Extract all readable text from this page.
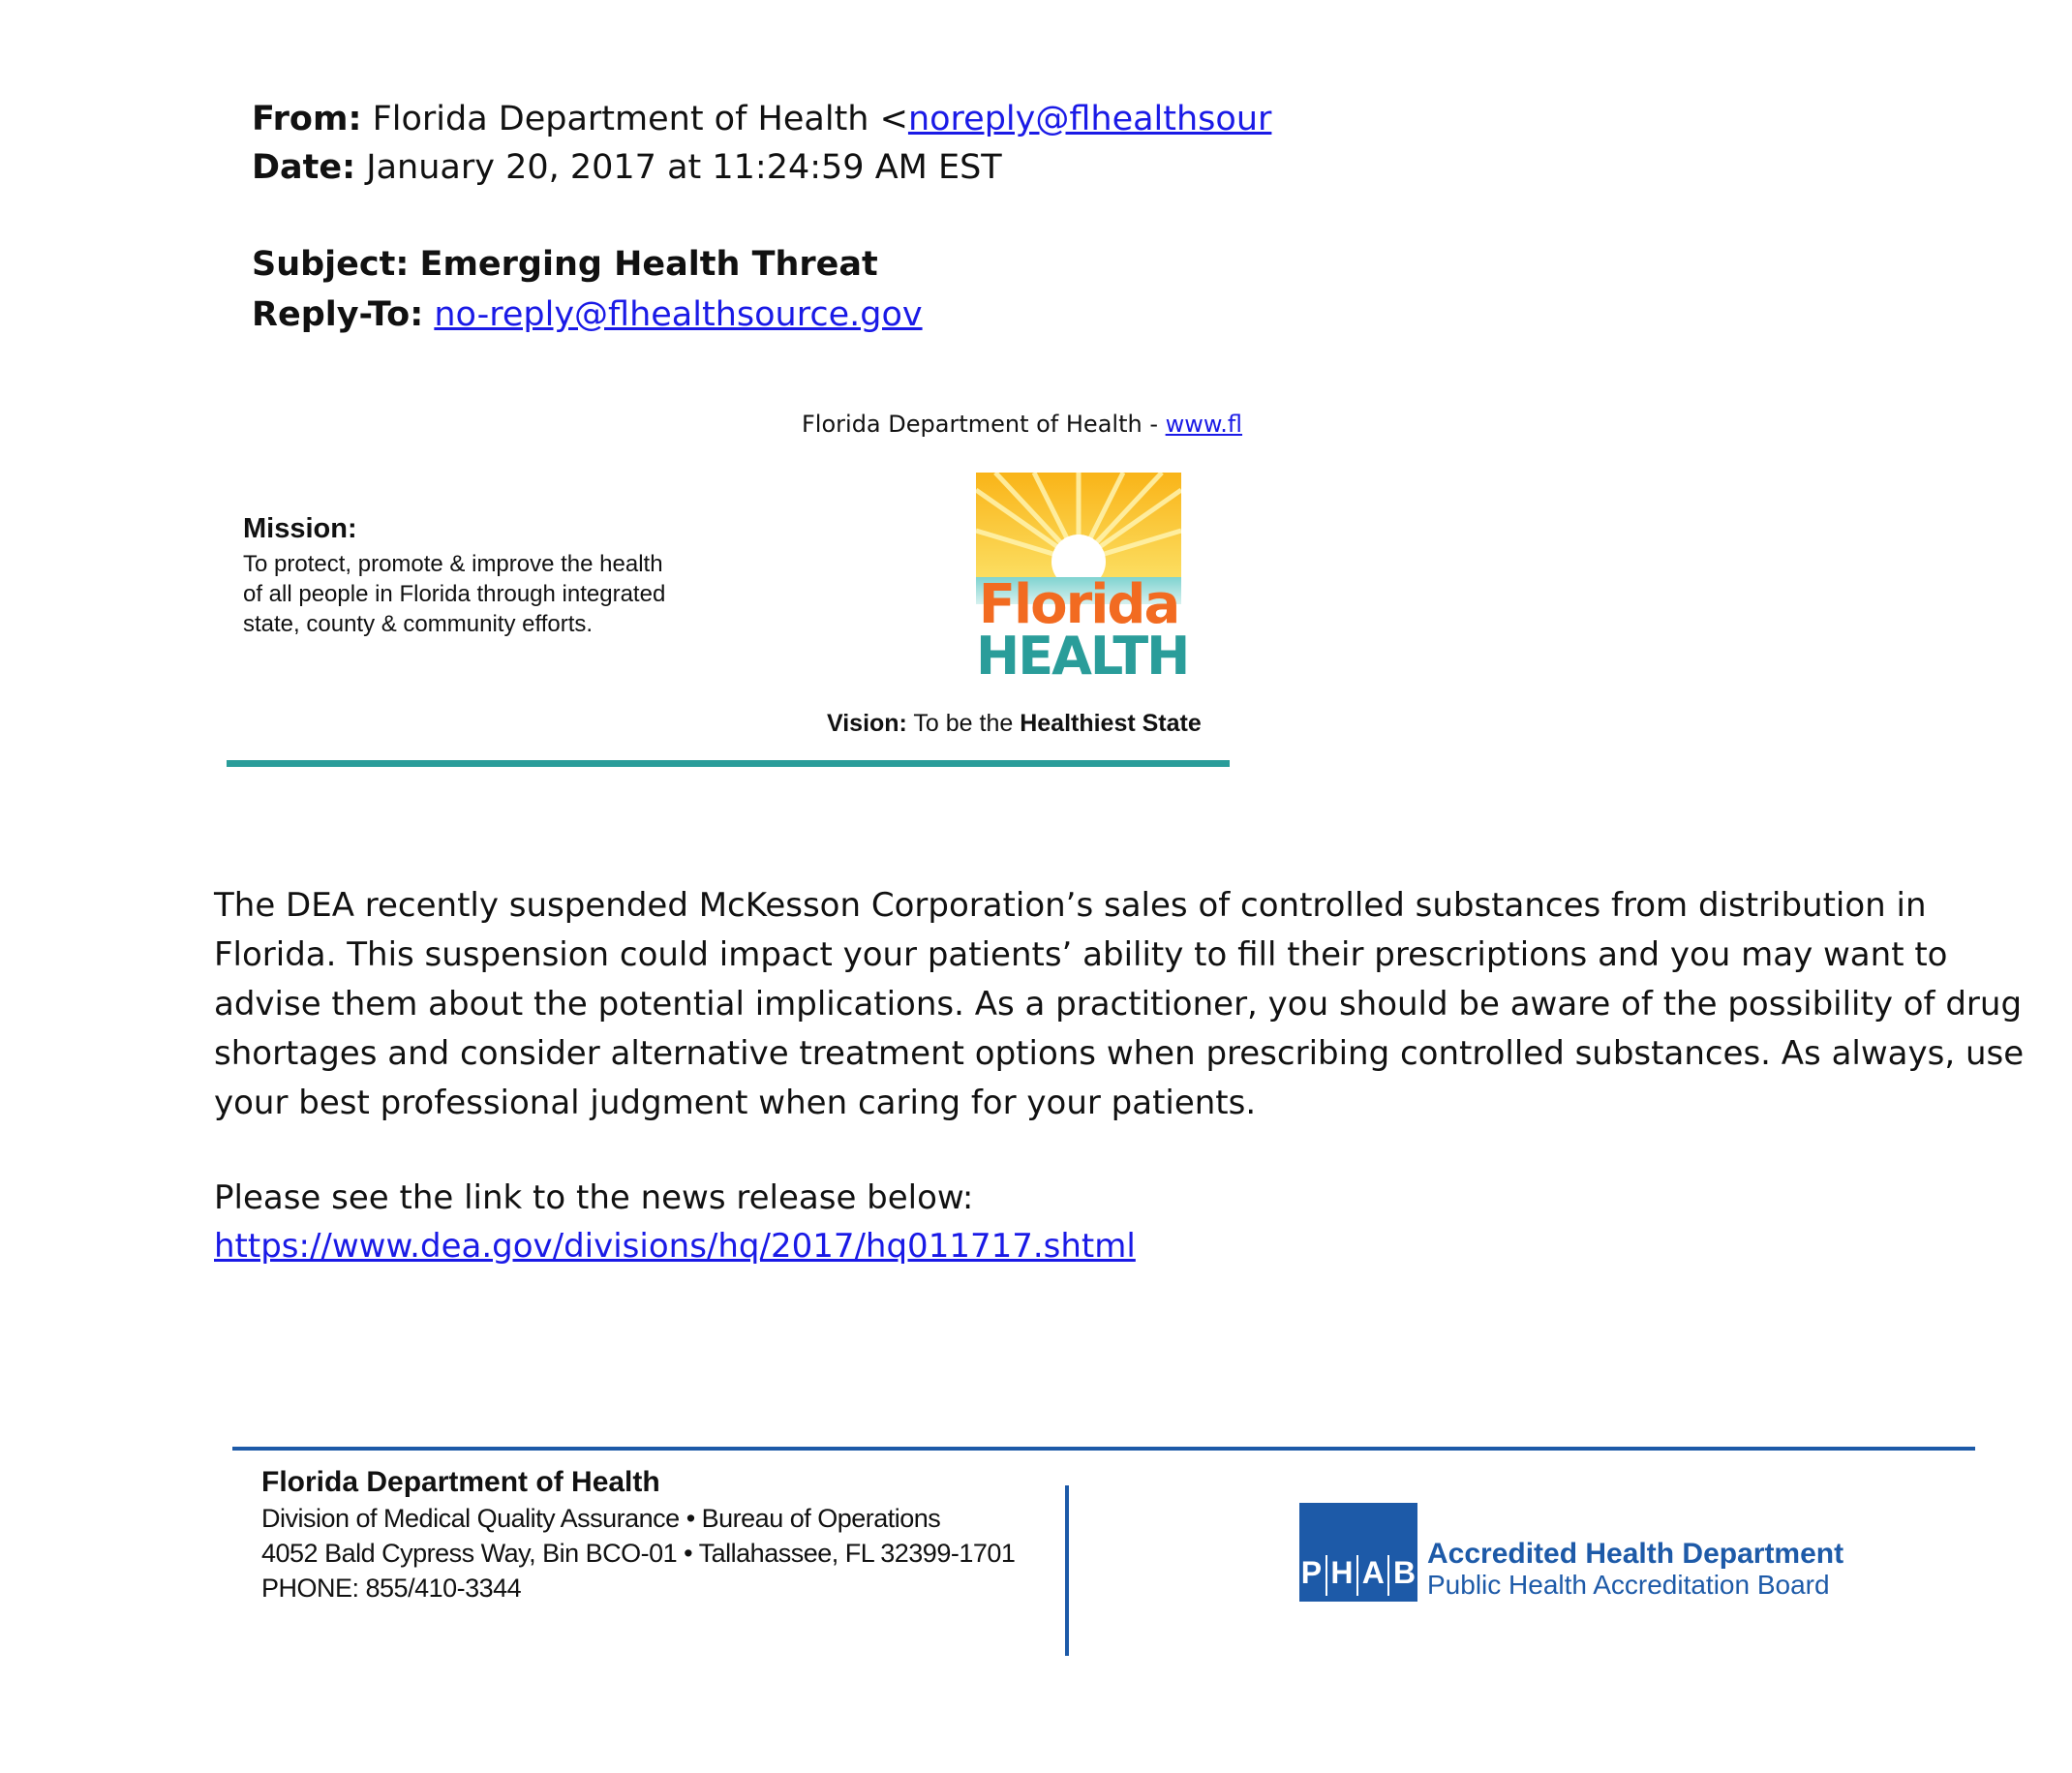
From: Florida Department of Health <noreply@flhealthsour
Date: January 20, 2017 at 11:24:59 AM EST
Subject: Emerging Health Threat
Reply-To: no-reply@flhealthsource.gov
Florida Department of Health - www.fl
Mission:
To protect, promote & improve the health
of all people in Florida through integrated
state, county & community efforts.	Florida
HEALTH
Vision: To be the Healthiest State
The DEA recently suspended McKesson Corporation’s sales of controlled substances from distribution in Florida. This suspension could impact your patients’ ability to fill their prescriptions and you may want to advise them about the potential implications. As a practitioner, you should be aware of the possibility of drug shortages and consider alternative treatment options when prescribing controlled substances. As always, use your best professional judgment when caring for your patients.
Please see the link to the news release below:
https://www.dea.gov/divisions/hq/2017/hq011717.shtml
Florida Department of Health
Division of Medical Quality Assurance • Bureau of Operations
4052 Bald Cypress Way, Bin BCO-01 • Tallahassee, FL 32399-1701
PHONE: 855/410-3344	P H A B
Accredited Health Department
Public Health Accreditation Board
